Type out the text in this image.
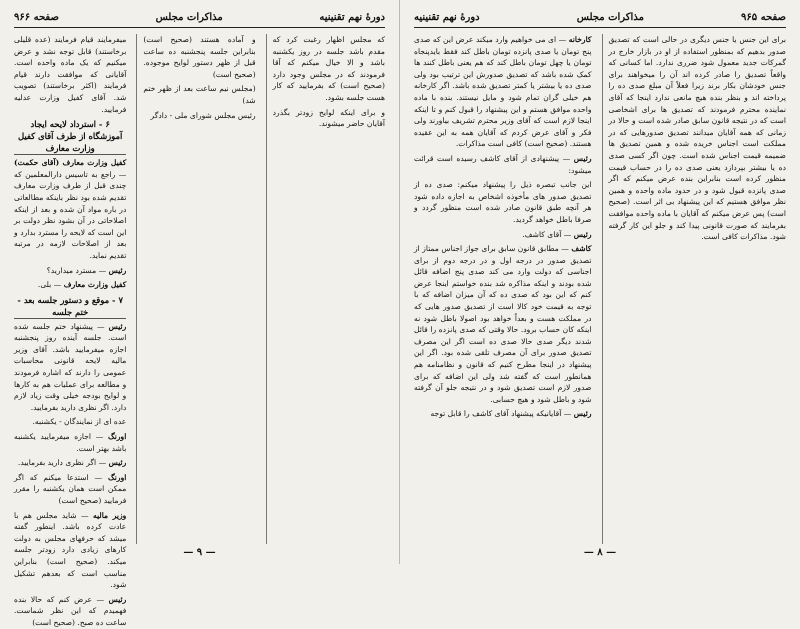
دورهٔ نهم تقنینیه
مذاکرات مجلس
صفحه ۹۶۶

که مجلس اظهار رغبت کرد که مقدم باشد جلسه در روز یکشنبه باشد و الا خیال میکنم که آقا فرمودند که در مجلس وجود دارد (صحیح است) که بفرمایید که کار هست جلسه بشود.

و برای اینکه لوایح زودتر بگذرد آقایان حاضر میشوند.

و آماده هستند (صحیح است) بنابراین جلسه پنجشنبه ده ساعت قبل از ظهر دستور لوایح موجوده. (صحیح است)

(مجلس نیم ساعت بعد از ظهر ختم شد)

رئیس مجلس شورای ملی - دادگر

میفرمایند قیام فرمایند (عده قلیلی برخاستند) قابل توجه نشد و عرض میکنیم که یک ماده واحده است. آقایانی که موافقت دارند قیام فرمایند (اکثر برخاستند) تصویب شد. آقای کفیل وزارت عدلیه فرمایید.

۶ - استرداد لایحه ایجاد آموزشگاه از طرف آقای کفیل وزارت معارف

کفیل وزارت معارف (آقای حکمت) — راجع به تاسیس دارالمعلمین که چندی قبل از طرف وزارت معارف تقدیم شده بود نظر باینکه مطالعاتی در باره مواد آن شده و بعد از اینکه اصلاحاتی در آن بشود نظر دولت بر این است که لایحه را مسترد بدارد و بعد از اصلاحات لازمه در مرتبه تقدیم نماید.

رئیس — مسترد میدارید؟

کفیل وزارت معارف — بلی.

۷ - موقع و دستور جلسه بعد - ختم جلسه

رئیس — پیشنهاد ختم جلسه شده است. جلسه آینده روز پنجشنبه اجازه میفرمایید باشد. آقای وزیر مالیه لایحه قانونی محاسبات عمومی را دارند که اشاره فرمودند و مطالعه برای عملیات هم به کارها و لوایح بودجه خیلی وقت زیاد لازم دارد. اگر نظری دارید بفرمایید.

عده ای از نمایندگان - یکشنبه.

اورنگ — اجازه میفرمایید یکشنبه باشد بهتر است.

رئیس — اگر نظری دارید بفرمایید.

اورنگ — استدعا میکنم که اگر ممکن است همان یکشنبه را مقرر فرمایید (صحیح است)

وزیر مالیه — شاید مجلس هم با عادت کرده باشد. اینطور گفته میشد که حرفهای مجلس به دولت کارهای زیادی دارد زودتر جلسه میکند. (صحیح است) بنابراین مناسب است که بعدهم تشکیل شود.

رئیس — عرض کنم که حالا بنده فهمیدم که این نظر شماست. ساعت ده صبح. (صحیح است)

— ۹ —
صفحه ۹۶۵
مذاکرات مجلس
دورهٔ نهم تقنینیه

برای این جنس یا جنس دیگری در حالی است که تصدیق صدور بدهیم که بمنظور استفاده از او در بازار خارج در گمرکات جدید معمول شود ضرری ندارد. اما کسانی که واقعاً تصدیق را صادر کرده اند آن را میخواهند برای جنس خودشان بکار برند زیرا فعلاً آن مبلغ صدی ده را پرداخته اند و بنظر بنده هیچ مانعی ندارد اینجا که آقای نماینده محترم فرمودند که تصدیق ها برای اشخاصی است که در نتیجه قانون سابق صادر شده است و حالا در زمانی که همه آقایان میدانند تصدیق صدورهایی که در مملکت است اجناس خریده شده و همین تصدیق ها ضمیمه قیمت اجناس شده است. چون اگر کسی صدی ده یا بیشتر بپردازد یعنی صدی ده را در حساب قیمت منظور کرده است بنابراین بنده عرض میکنم که اگر صدی پانزده قبول شود و در حدود ماده واحده و همین نظر موافق هستیم که این پیشنهاد بی اثر است. (صحیح است) پس عرض میکنم که آقایان با ماده واحده موافقت بفرمایند که صورت قانونی پیدا کند و جلو این کار گرفته شود. مذاکرات کافی است.

کارخانه — ای می خواهیم وارد میکند عرض این که صدی پنج تومان یا صدی پانزده تومان باطل کند فقط بایدپنجاه تومان یا چهل تومان باطل کند که هم یعنی باطل کنند ها کمک شده باشد که تصدیق صدورش این ترتیب بود ولی صدی ده یا بیشتر یا کمتر تصدیق شده باشد. اگر کارخانه هم خیلی گران تمام شود و مایل نیستند. بنده با ماده واحده موافق هستم و این پیشنهاد را قبول کنم و تا اینکه اینجا لازم است که آقای وزیر محترم تشریف بیاورند ولی فکر و آقای عرض کردم که آقایان همه به این عقیده هستند. (صحیح است) کافی است مذاکرات.

رئیس — پیشنهادی از آقای کاشف رسیده است قرائت میشود:

این جانب تبصره ذیل را پیشنهاد میکنم: صدی ده از تصدیق صدور های مأخوذه اشخاص به اجازه داده شود هر آنچه طبق قانون صادر شده است منظور گردد و صرفا باطل خواهد گردید.

رئیس — آقای کاشف.

کاشف — مطابق قانون سابق برای جواز اجناس ممتاز از تصدیق صدور در درجه اول و در درجه دوم از برای اجناسی که دولت وارد می کند صدی پنج اضافه قائل شده بودند و اینکه مذاکره شد بنده خواستم اینجا عرض کنم که این بود که صدی ده که آن میزان اضافه که با توجه به قیمت خود کالا است از تصدیق صدور هایی که در مملکت هست و بعداً خواهد بود اصولا باطل شود نه اینکه کان حساب برود. حالا وقتی که صدی پانزده را قائل شدند دیگر صدی حالا صدی ده است اگر این مصرف تصدیق صدور برای آن مصرف تلقی شده بود. اگر این پیشنهاد در اینجا مطرح کنیم که قانون و نظامنامه هم همانطور است که گفته شد ولی این اضافه که برای صدور لازم است تصدیق شود و در نتیجه جلو آن گرفته شود و باطل شود و هیچ حسابی.

رئیس — آقایانیکه پیشنهاد آقای کاشف را قابل توجه

— ۸ —
